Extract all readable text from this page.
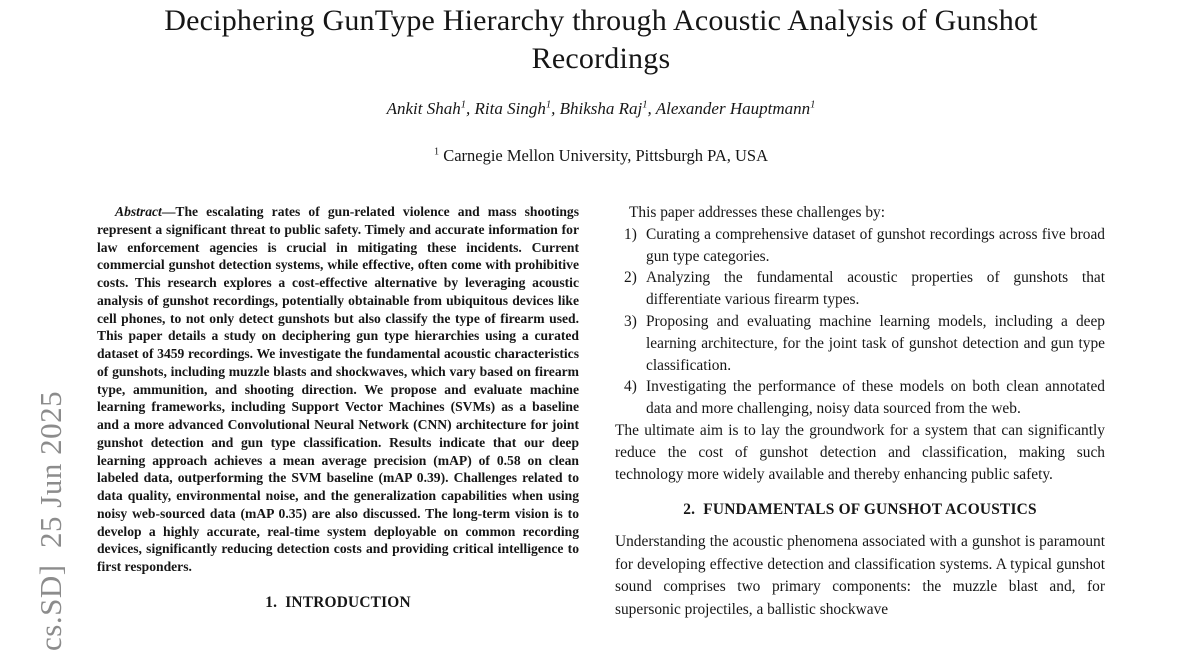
cs.SD]  25 Jun 2025
Deciphering GunType Hierarchy through Acoustic Analysis of Gunshot Recordings
Ankit Shah$^1$, Rita Singh$^1$, Bhiksha Raj$^1$, Alexander Hauptmann$^1$
$^1$ Carnegie Mellon University, Pittsburgh PA, USA

Abstract—The escalating rates of gun-related violence and mass shootings represent a significant threat to public safety. Timely and accurate information for law enforcement agencies is crucial in mitigating these incidents. Current commercial gunshot detection systems, while effective, often come with prohibitive costs. This research explores a cost-effective alternative by leveraging acoustic analysis of gunshot recordings, potentially obtainable from ubiquitous devices like cell phones, to not only detect gunshots but also classify the type of firearm used. This paper details a study on deciphering gun type hierarchies using a curated dataset of 3459 recordings. We investigate the fundamental acoustic characteristics of gunshots, including muzzle blasts and shockwaves, which vary based on firearm type, ammunition, and shooting direction. We propose and evaluate machine learning frameworks, including Support Vector Machines (SVMs) as a baseline and a more advanced Convolutional Neural Network (CNN) architecture for joint gunshot detection and gun type classification. Results indicate that our deep learning approach achieves a mean average precision (mAP) of 0.58 on clean labeled data, outperforming the SVM baseline (mAP 0.39). Challenges related to data quality, environmental noise, and the generalization capabilities when using noisy web-sourced data (mAP 0.35) are also discussed. The long-term vision is to develop a highly accurate, real-time system deployable on common recording devices, significantly reducing detection costs and providing critical intelligence to first responders.

1.  INTRODUCTION

This paper addresses these challenges by:

1) Curating a comprehensive dataset of gunshot recordings across five broad gun type categories.
2) Analyzing the fundamental acoustic properties of gunshots that differentiate various firearm types.
3) Proposing and evaluating machine learning models, including a deep learning architecture, for the joint task of gunshot detection and gun type classification.
4) Investigating the performance of these models on both clean annotated data and more challenging, noisy data sourced from the web.

The ultimate aim is to lay the groundwork for a system that can significantly reduce the cost of gunshot detection and classification, making such technology more widely available and thereby enhancing public safety.

2.  FUNDAMENTALS OF GUNSHOT ACOUSTICS

Understanding the acoustic phenomena associated with a gunshot is paramount for developing effective detection and classification systems. A typical gunshot sound comprises two primary components: the muzzle blast and, for supersonic projectiles, a ballistic shockwave
